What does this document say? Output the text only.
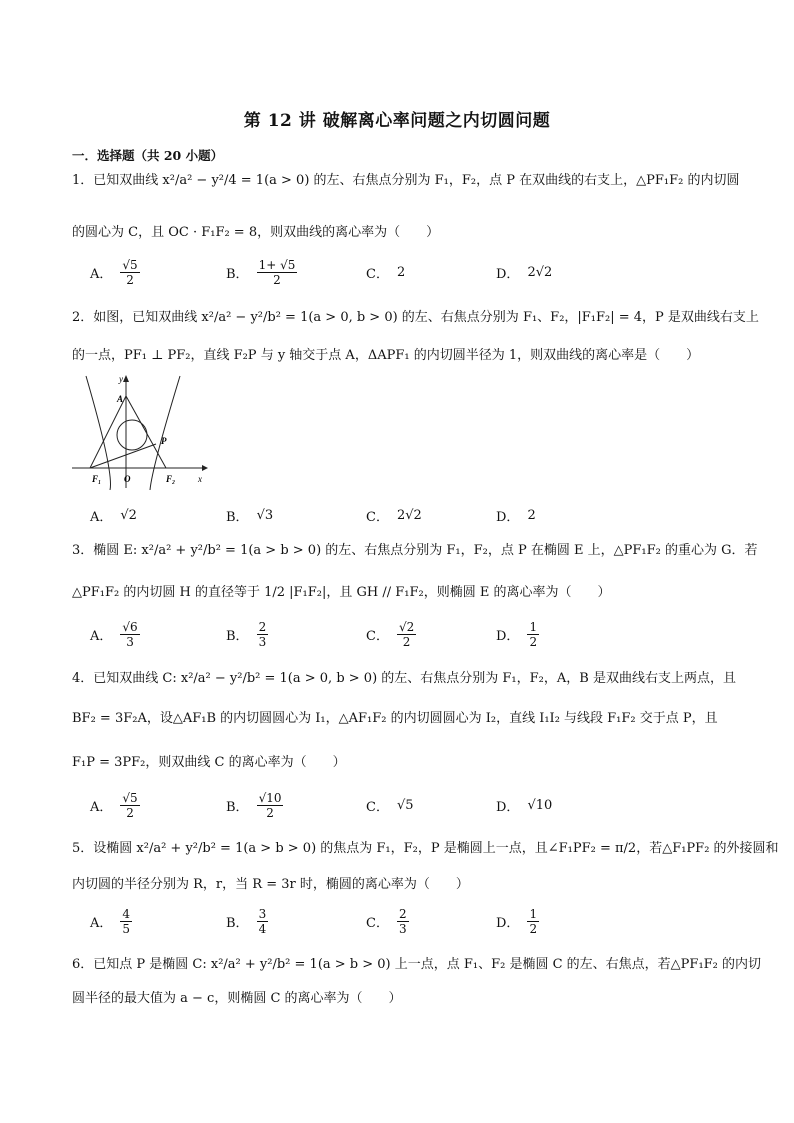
第 12 讲 破解离心率问题之内切圆问题
一．选择题（共 20 小题）
1．已知双曲线 x²/a² − y²/4 = 1(a > 0) 的左、右焦点分别为 F₁，F₂，点 P 在双曲线的右支上，△PF₁F₂ 的内切圆
的圆心为 C，且 OC · F₁F₂ = 8，则双曲线的离心率为（　　）
A． $\frac{√5}{2}$	B． $\frac{1+ √5}{2}$	C． 2	D． 2√2
2．如图，已知双曲线 x²/a² − y²/b² = 1(a > 0, b > 0) 的左、右焦点分别为 F₁、F₂，|F₁F₂| = 4，P 是双曲线右支上
的一点，PF₁ ⊥ PF₂，直线 F₂P 与 y 轴交于点 A，ΔAPF₁ 的内切圆半径为 1，则双曲线的离心率是（　　）
y
A
P
F₁	O	F₂	x
A． √2	B． √3	C． 2√2	D． 2
3．椭圆 E: x²/a² + y²/b² = 1(a > b > 0) 的左、右焦点分别为 F₁，F₂，点 P 在椭圆 E 上，△PF₁F₂ 的重心为 G．若
△PF₁F₂ 的内切圆 H 的直径等于 1/2 |F₁F₂|，且 GH // F₁F₂，则椭圆 E 的离心率为（　　）
A． $\frac{√6}{3}$	B． $\frac{2}{3}$	C． $\frac{√2}{2}$	D． $\frac{1}{2}$
4．已知双曲线 C: x²/a² − y²/b² = 1(a > 0, b > 0) 的左、右焦点分别为 F₁，F₂，A，B 是双曲线右支上两点，且
BF₂ = 3F₂A，设△AF₁B 的内切圆圆心为 I₁，△AF₁F₂ 的内切圆圆心为 I₂，直线 I₁I₂ 与线段 F₁F₂ 交于点 P，且
F₁P = 3PF₂，则双曲线 C 的离心率为（　　）
A． $\frac{√5}{2}$	B． $\frac{√10}{2}$	C． √5	D． √10
5．设椭圆 x²/a² + y²/b² = 1(a > b > 0) 的焦点为 F₁，F₂，P 是椭圆上一点，且∠F₁PF₂ = π/2，若△F₁PF₂ 的外接圆和
内切圆的半径分别为 R，r，当 R = 3r 时，椭圆的离心率为（　　）
A． $\frac{4}{5}$	B． $\frac{3}{4}$	C． $\frac{2}{3}$	D． $\frac{1}{2}$
6．已知点 P 是椭圆 C: x²/a² + y²/b² = 1(a > b > 0) 上一点，点 F₁、F₂ 是椭圆 C 的左、右焦点，若△PF₁F₂ 的内切
圆半径的最大值为 a − c，则椭圆 C 的离心率为（　　）
